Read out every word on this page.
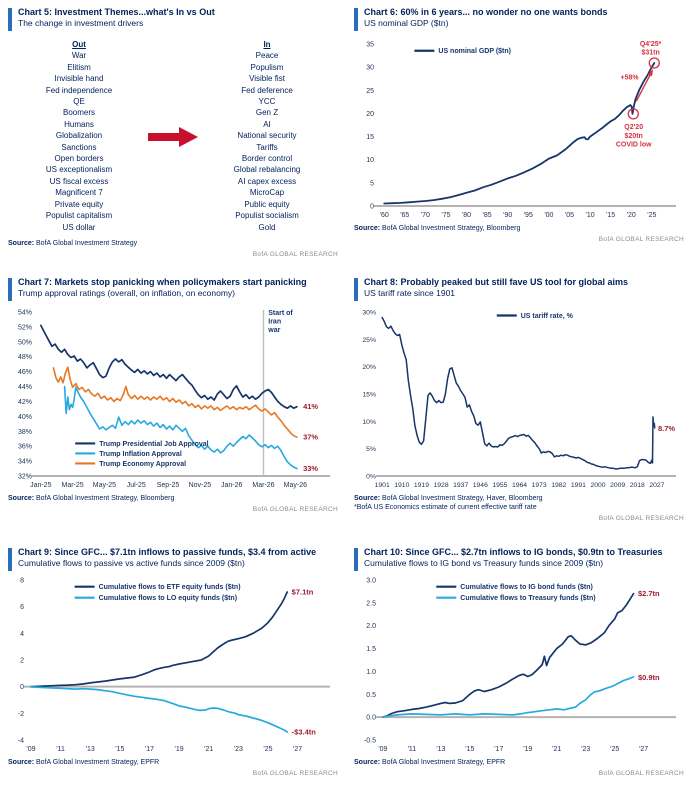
Chart 5: Investment Themes...what's In vs Out
The change in investment drivers
Out
War
Elitism
Invisible hand
Fed independence
QE
Boomers
Humans
Globalization
Sanctions
Open borders
US exceptionalism
US fiscal excess
Magnificent 7
Private equity
Populist capitalism
US dollar
In
Peace
Populism
Visible fist
Fed deference
YCC
Gen Z
AI
National security
Tariffs
Border control
Global rebalancing
AI capex excess
MicroCap
Public equity
Populist socialism
Gold
Source: BofA Global Investment Strategy
BofA GLOBAL RESEARCH
Chart 6: 60% in 6 years... no wonder no one wants bonds
US nominal GDP ($tn)
0
5
10
15
20
25
30
35
'60 '65 '70 '75 '80 '85 '90 '95 '00 '05 '10 '15 '20 '25
Q4'25* $31tn
+58%
Q2'20 $20tn COVID low
US nominal GDP ($tn)
Source: BofA Global Investment Strategy, Bloomberg
BofA GLOBAL RESEARCH
Chart 7: Markets stop panicking when policymakers start panicking
Trump approval ratings (overall, on inflation, on economy)
32%
34%
36%
38%
40%
42%
44%
46%
48%
50%
52%
54%
Jan-25 Mar-25 May-25 Jul-25 Sep-25 Nov-25 Jan-26 Mar-26 May-26
Start of Iran war
Trump Presidential Job Approval
Trump Inflation Approval
Trump Economy Approval
41%
37%
33%
Source: BofA Global Investment Strategy, Bloomberg
BofA GLOBAL RESEARCH
Chart 8: Probably peaked but still fave US tool for global aims
US tariff rate since 1901
0%
5%
10%
15%
20%
25%
30%
1901 1910 1919 1928 1937 1946 1955 1964 1973 1982 1991 2000 2009 2018 2027
US tariff rate, %
8.7%
Source: BofA Global Investment Strategy, Haver, Bloomberg
*BofA US Economics estimate of current effective tariff rate
BofA GLOBAL RESEARCH
Chart 9: Since GFC... $7.1tn inflows to passive funds, $3.4 from active
Cumulative flows to passive vs active funds since 2009 ($tn)
-4
-2
0
2
4
6
8
'09	'11	'13	'15	'17	'19	'21	'23	'25	'27
Cumulative flows to ETF equity funds ($tn)
Cumulative flows to LO equity funds ($tn)
$7.1tn
-$3.4tn
Source: BofA Global Investment Strategy, EPFR
BofA GLOBAL RESEARCH
Chart 10: Since GFC... $2.7tn inflows to IG bonds, $0.9tn to Treasuries
Cumulative flows to IG bond vs Treasury funds since 2009 ($tn)
-0.5
0.0
0.5
1.0
1.5
2.0
2.5
3.0
'09	'11	'13	'15	'17	'19	'21	'23	'25	'27
Cumulative flows to IG bond funds ($tn)
Cumulative flows to Treasury funds ($tn)
$2.7tn
$0.9tn
Source: BofA Global Investment Strategy, EPFR
BofA GLOBAL RESEARCH
